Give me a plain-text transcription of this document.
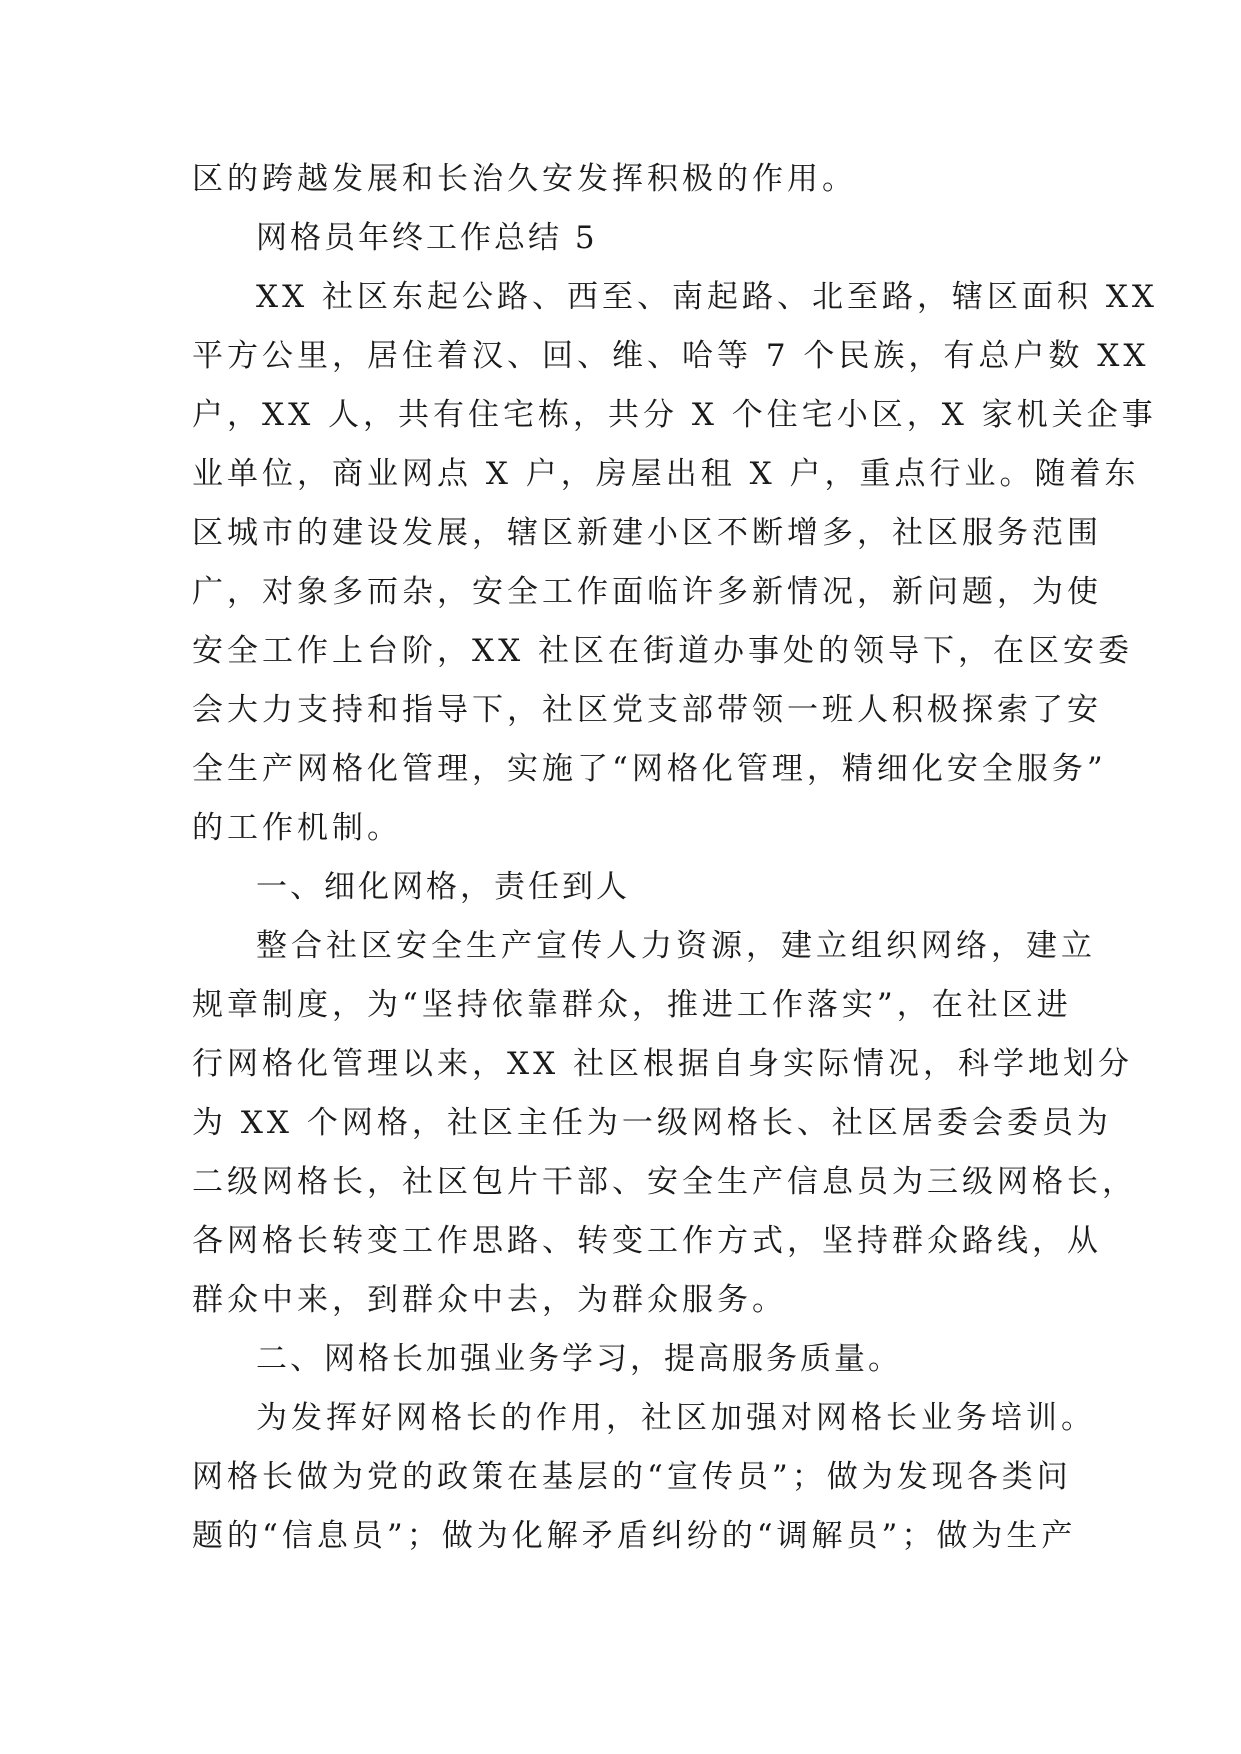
区的跨越发展和长治久安发挥积极的作用。
网格员年终工作总结 5
XX 社区东起公路、西至、南起路、北至路，辖区面积 XX
平方公里，居住着汉、回、维、哈等 7 个民族，有总户数 XX
户，XX 人，共有住宅栋，共分 X 个住宅小区，X 家机关企事
业单位，商业网点 X 户，房屋出租 X 户，重点行业。随着东
区城市的建设发展，辖区新建小区不断增多，社区服务范围
广，对象多而杂，安全工作面临许多新情况，新问题，为使
安全工作上台阶，XX 社区在街道办事处的领导下，在区安委
会大力支持和指导下，社区党支部带领一班人积极探索了安
全生产网格化管理，实施了“网格化管理，精细化安全服务”
的工作机制。
一、细化网格，责任到人
整合社区安全生产宣传人力资源，建立组织网络，建立
规章制度，为“坚持依靠群众，推进工作落实”，在社区进
行网格化管理以来，XX 社区根据自身实际情况，科学地划分
为 XX 个网格，社区主任为一级网格长、社区居委会委员为
二级网格长，社区包片干部、安全生产信息员为三级网格长，
各网格长转变工作思路、转变工作方式，坚持群众路线，从
群众中来，到群众中去，为群众服务。
二、网格长加强业务学习，提高服务质量。
为发挥好网格长的作用，社区加强对网格长业务培训。
网格长做为党的政策在基层的“宣传员”；做为发现各类问
题的“信息员”；做为化解矛盾纠纷的“调解员”；做为生产
